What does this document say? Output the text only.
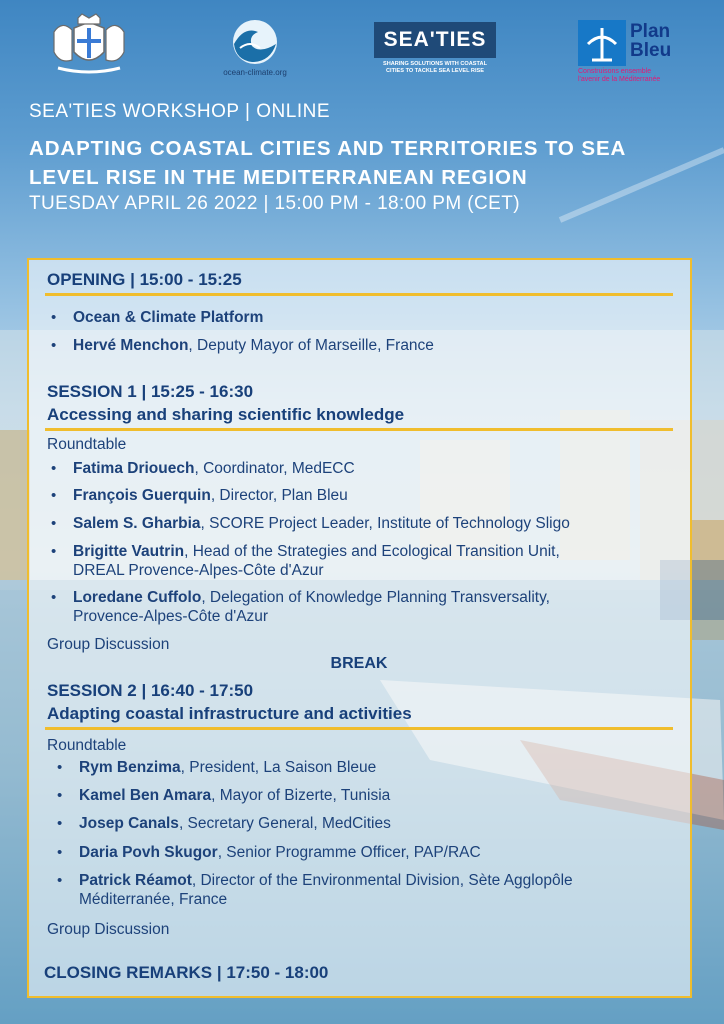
ocean-climate.org
SEA'TIES
SHARING SOLUTIONS WITH COASTAL
CITIES TO TACKLE SEA LEVEL RISE
Plan
Bleu
Construisons ensemble
l'avenir de la Méditerranée
SEA'TIES WORKSHOP | ONLINE
ADAPTING COASTAL CITIES AND TERRITORIES TO SEA LEVEL RISE IN THE MEDITERRANEAN REGION
TUESDAY APRIL 26 2022 | 15:00 PM - 18:00 PM (CET)
OPENING | 15:00 - 15:25
• Ocean & Climate Platform
• Hervé Menchon, Deputy Mayor of Marseille, France
SESSION 1 | 15:25 - 16:30
Accessing and sharing scientific knowledge
Roundtable
• Fatima Driouech, Coordinator, MedECC
• François Guerquin, Director, Plan Bleu
• Salem S. Gharbia, SCORE Project Leader, Institute of Technology Sligo
• Brigitte Vautrin, Head of the Strategies and Ecological Transition Unit,
DREAL Provence-Alpes-Côte d'Azur
• Loredane Cuffolo, Delegation of Knowledge Planning Transversality,
Provence-Alpes-Côte d'Azur
Group Discussion
BREAK
SESSION 2 | 16:40 - 17:50
Adapting coastal infrastructure and activities
Roundtable
• Rym Benzima, President, La Saison Bleue
• Kamel Ben Amara, Mayor of Bizerte, Tunisia
• Josep Canals, Secretary General, MedCities
• Daria Povh Skugor, Senior Programme Officer, PAP/RAC
• Patrick Réamot, Director of the Environmental Division, Sète Agglopôle
Méditerranée, France
Group Discussion
CLOSING REMARKS | 17:50 - 18:00
